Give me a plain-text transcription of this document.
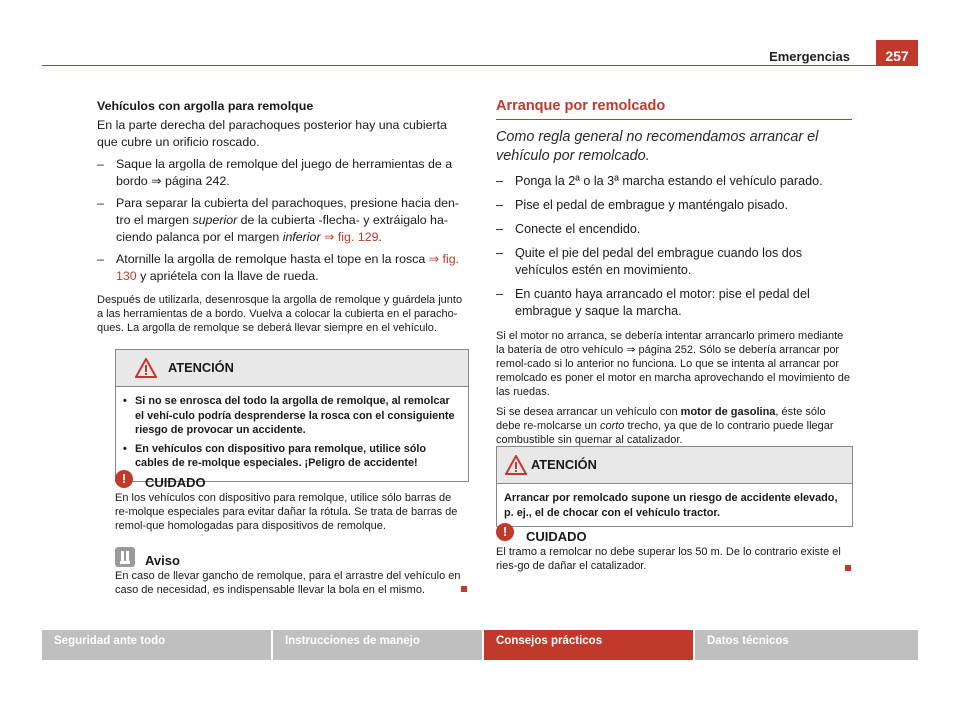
Emergencias	257

Vehículos con argolla para remolque

En la parte derecha del parachoques posterior hay una cubierta que cubre un orificio roscado.

– Saque la argolla de remolque del juego de herramientas de a bordo ⇒ página 242.
– Para separar la cubierta del parachoques, presione hacia den-tro el margen superior de la cubierta -flecha- y extráigalo ha-ciendo palanca por el margen inferior ⇒ fig. 129.
– Atornille la argolla de remolque hasta el tope en la rosca ⇒ fig. 130 y apriétela con la llave de rueda.

Después de utilizarla, desenrosque la argolla de remolque y guárdela junto a las herramientas de a bordo. Vuelva a colocar la cubierta en el paracho-ques. La argolla de remolque se deberá llevar siempre en el vehículo.

ATENCIÓN
• Si no se enrosca del todo la argolla de remolque, al remolcar el vehí-culo podría desprenderse la rosca con el consiguiente riesgo de provocar un accidente.
• En vehículos con dispositivo para remolque, utilice sólo cables de re-molque especiales. ¡Peligro de accidente!
!	CUIDADO
En los vehículos con dispositivo para remolque, utilice sólo barras de re-molque especiales para evitar dañar la rótula. Se trata de barras de remol-que homologadas para dispositivos de remolque.
Aviso
En caso de llevar gancho de remolque, para el arrastre del vehículo en caso de necesidad, es indispensable llevar la bola en el mismo.
Arranque por remolcado

Como regla general no recomendamos arrancar el vehículo por remolcado.

– Ponga la 2ª o la 3ª marcha estando el vehículo parado.
– Pise el pedal de embrague y manténgalo pisado.
– Conecte el encendido.
– Quite el pie del pedal del embrague cuando los dos vehículos estén en movimiento.
– En cuanto haya arrancado el motor: pise el pedal del embrague y saque la marcha.

Si el motor no arranca, se debería intentar arrancarlo primero mediante la batería de otro vehículo ⇒ página 252. Sólo se debería arrancar por remol-cado si lo anterior no funciona. Lo que se intenta al arrancar por remolcado es poner el motor en marcha aprovechando el movimiento de las ruedas.

Si se desea arrancar un vehículo con motor de gasolina, éste sólo debe re-molcarse un corto trecho, ya que de lo contrario puede llegar combustible sin quemar al catalizador.

ATENCIÓN
Arrancar por remolcado supone un riesgo de accidente elevado, p. ej., el de chocar con el vehículo tractor.
!	CUIDADO
El tramo a remolcar no debe superar los 50 m. De lo contrario existe el ries-go de dañar el catalizador.
Seguridad ante todo	Instrucciones de manejo	Consejos prácticos	Datos técnicos
